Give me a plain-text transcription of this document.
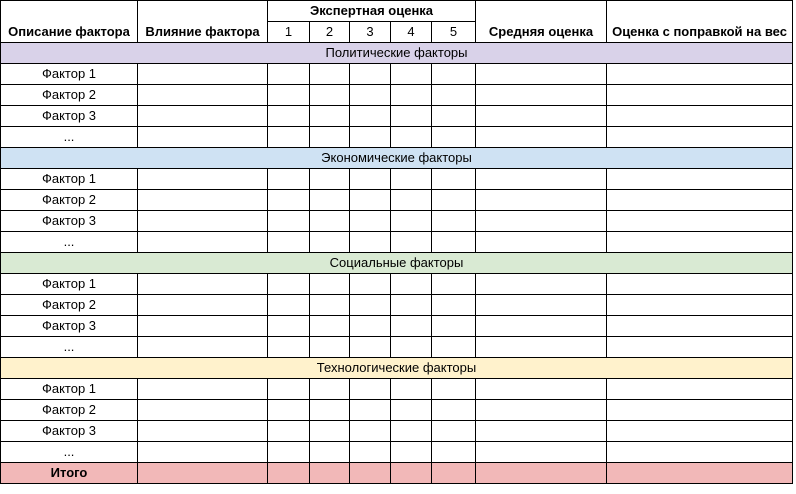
		Экспертная оценка						
Описание фактора	Влияние фактора	1	2	3	4	5	Средняя оценка	Оценка с поправкой на вес
Политические факторы								
Фактор 1								
Фактор 2								
Фактор 3								
...								
Экономические факторы								
Фактор 1								
Фактор 2								
Фактор 3								
...								
Социальные факторы								
Фактор 1								
Фактор 2								
Фактор 3								
...								
Технологические факторы								
Фактор 1								
Фактор 2								
Фактор 3								
...								
Итого								
